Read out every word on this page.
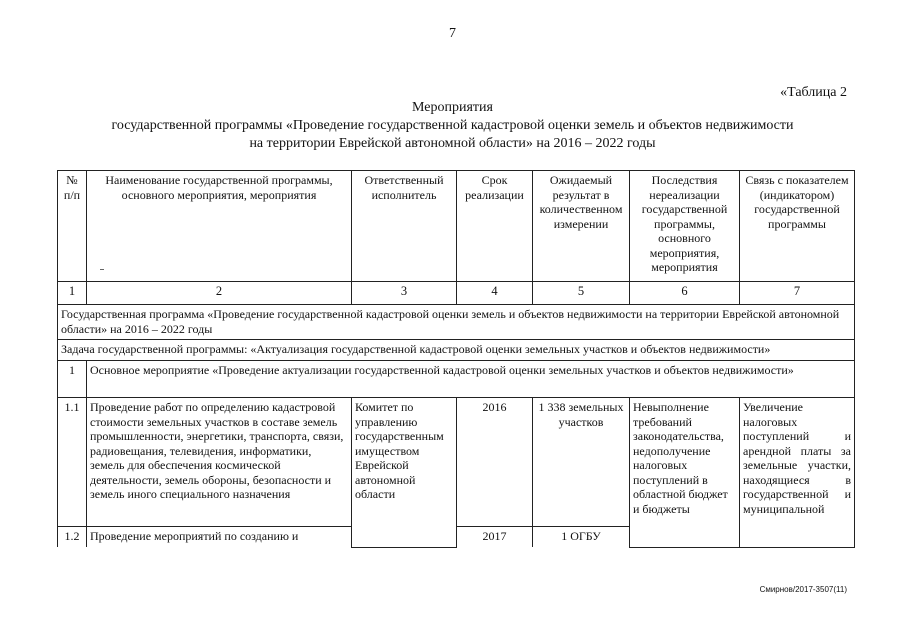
7
«Таблица 2
Мероприятия
государственной программы «Проведение государственной кадастровой оценки земель и объектов недвижимости
на территории Еврейской автономной области» на 2016 – 2022 годы
№ п/п	Наименование государственной программы, основного мероприятия, мероприятия	Ответственный исполнитель	Срок реализации	Ожидаемый результат в количественном измерении	Последствия нереализации государственной программы, основного мероприятия, мероприятия	Связь с показателем (индикатором) государственной программы
1	2	3	4	5	6	7
Государственная программа «Проведение государственной кадастровой оценки земель и объектов недвижимости на территории Еврейской автономной области» на 2016 – 2022 годы						
Задача государственной программы: «Актуализация государственной кадастровой оценки земельных участков и объектов недвижимости»						
1	Основное мероприятие «Проведение актуализации государственной кадастровой оценки земельных участков и объектов недвижимости»					
1.1	Проведение работ по определению кадастровой стоимости земельных участков в составе земель промышленности, энергетики, транспорта, связи, радиовещания, телевидения, информатики, земель для обеспечения космической деятельности, земель обороны, безопасности и земель иного специального назначения	Комитет по управлению государственным имуществом Еврейской автономной области	2016	1 338 земельных участков	Невыполнение требований законодательства, недополучение налоговых поступлений в областной бюджет и бюджеты	Увеличение налоговых поступлений и арендной платы за земельные участки, находящиеся в государственной и муниципальной
1.2	Проведение мероприятий по созданию и		2017	1 ОГБУ		
Смирнов/2017-3507(11)
